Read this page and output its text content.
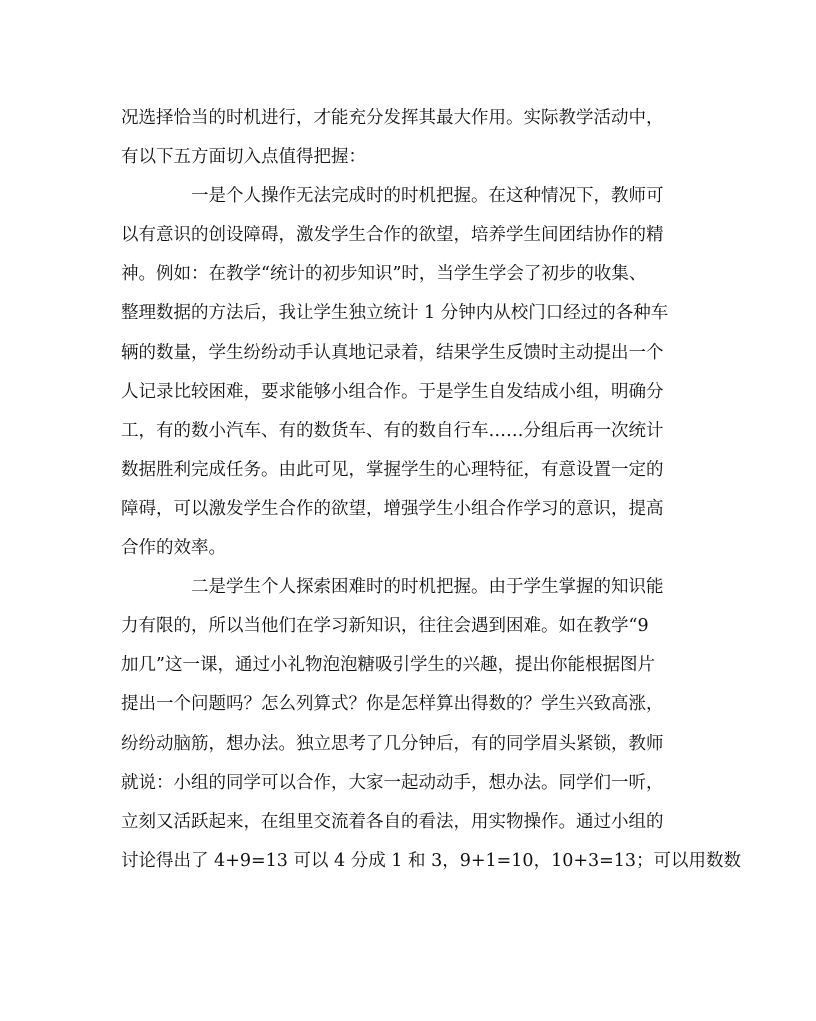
况选择恰当的时机进行，才能充分发挥其最大作用。实际教学活动中，
有以下五方面切入点值得把握：
一是个人操作无法完成时的时机把握。在这种情况下，教师可
以有意识的创设障碍，激发学生合作的欲望，培养学生间团结协作的精
神。例如：在教学“统计的初步知识”时，当学生学会了初步的收集、
整理数据的方法后，我让学生独立统计 1 分钟内从校门口经过的各种车
辆的数量，学生纷纷动手认真地记录着，结果学生反馈时主动提出一个
人记录比较困难，要求能够小组合作。于是学生自发结成小组，明确分
工，有的数小汽车、有的数货车、有的数自行车……分组后再一次统计
数据胜利完成任务。由此可见，掌握学生的心理特征，有意设置一定的
障碍，可以激发学生合作的欲望，增强学生小组合作学习的意识，提高
合作的效率。
二是学生个人探索困难时的时机把握。由于学生掌握的知识能
力有限的，所以当他们在学习新知识，往往会遇到困难。如在教学“9
加几”这一课，通过小礼物泡泡糖吸引学生的兴趣，提出你能根据图片
提出一个问题吗？怎么列算式？你是怎样算出得数的？学生兴致高涨，
纷纷动脑筋，想办法。独立思考了几分钟后，有的同学眉头紧锁，教师
就说：小组的同学可以合作，大家一起动动手，想办法。同学们一听，
立刻又活跃起来，在组里交流着各自的看法，用实物操作。通过小组的
讨论得出了 4+9=13 可以 4 分成 1 和 3，9+1=10，10+3=13；可以用数数
